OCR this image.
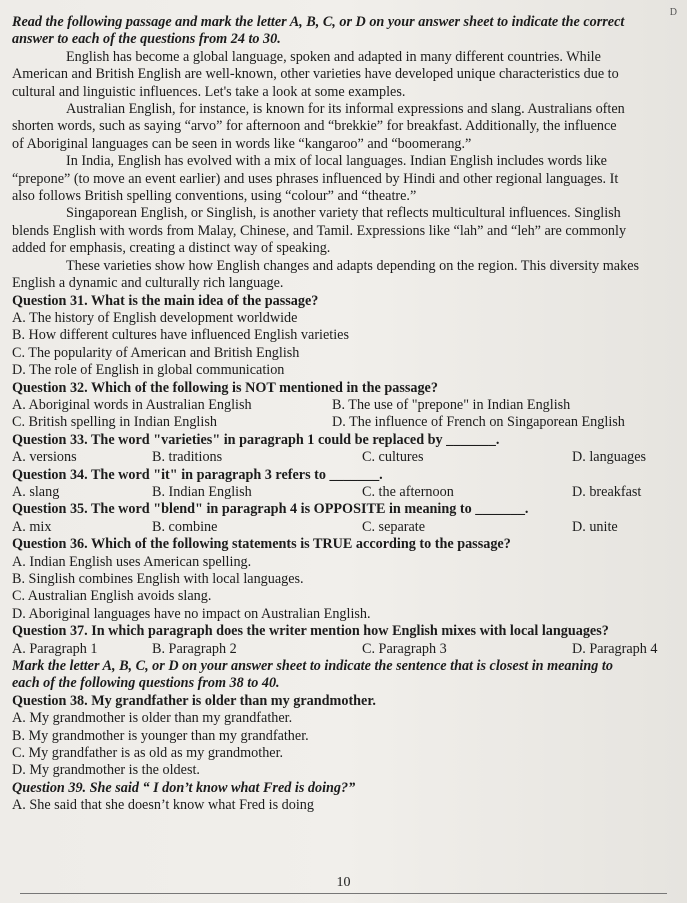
D
Read the following passage and mark the letter A, B, C, or D on your answer sheet to indicate the correct
answer to each of the questions from 24 to 30.
English has become a global language, spoken and adapted in many different countries. While
American and British English are well-known, other varieties have developed unique characteristics due to
cultural and linguistic influences. Let's take a look at some examples.
Australian English, for instance, is known for its informal expressions and slang. Australians often
shorten words, such as saying “arvo” for afternoon and “brekkie” for breakfast. Additionally, the influence
of Aboriginal languages can be seen in words like “kangaroo” and “boomerang.”
In India, English has evolved with a mix of local languages. Indian English includes words like
“prepone” (to move an event earlier) and uses phrases influenced by Hindi and other regional languages. It
also follows British spelling conventions, using “colour” and “theatre.”
Singaporean English, or Singlish, is another variety that reflects multicultural influences. Singlish
blends English with words from Malay, Chinese, and Tamil. Expressions like “lah” and “leh” are commonly
added for emphasis, creating a distinct way of speaking.
These varieties show how English changes and adapts depending on the region. This diversity makes
English a dynamic and culturally rich language.
Question 31. What is the main idea of the passage?
A. The history of English development worldwide
B. How different cultures have influenced English varieties
C. The popularity of American and British English
D. The role of English in global communication
Question 32. Which of the following is NOT mentioned in the passage?
A. Aboriginal words in Australian English	B. The use of "prepone" in Indian English
C. British spelling in Indian English	D. The influence of French on Singaporean English
Question 33. The word "varieties" in paragraph 1 could be replaced by _______.
A. versions	B. traditions	C. cultures	D. languages
Question 34. The word "it" in paragraph 3 refers to _______.
A. slang	B. Indian English	C. the afternoon	D. breakfast
Question 35. The word "blend" in paragraph 4 is OPPOSITE in meaning to _______.
A. mix	B. combine	C. separate	D. unite
Question 36. Which of the following statements is TRUE according to the passage?
A. Indian English uses American spelling.
B. Singlish combines English with local languages.
C. Australian English avoids slang.
D. Aboriginal languages have no impact on Australian English.
Question 37. In which paragraph does the writer mention how English mixes with local languages?
A. Paragraph 1	B. Paragraph 2	C. Paragraph 3	D. Paragraph 4
Mark the letter A, B, C, or D on your answer sheet to indicate the sentence that is closest in meaning to
each of the following questions from 38 to 40.
Question 38. My grandfather is older than my grandmother.
A. My grandmother is older than my grandfather.
B. My grandmother is younger than my grandfather.
C. My grandfather is as old as my grandmother.
D. My grandmother is the oldest.
Question 39. She said “ I don’t know what Fred is doing?”
A. She said that she doesn’t know what Fred is doing
10
